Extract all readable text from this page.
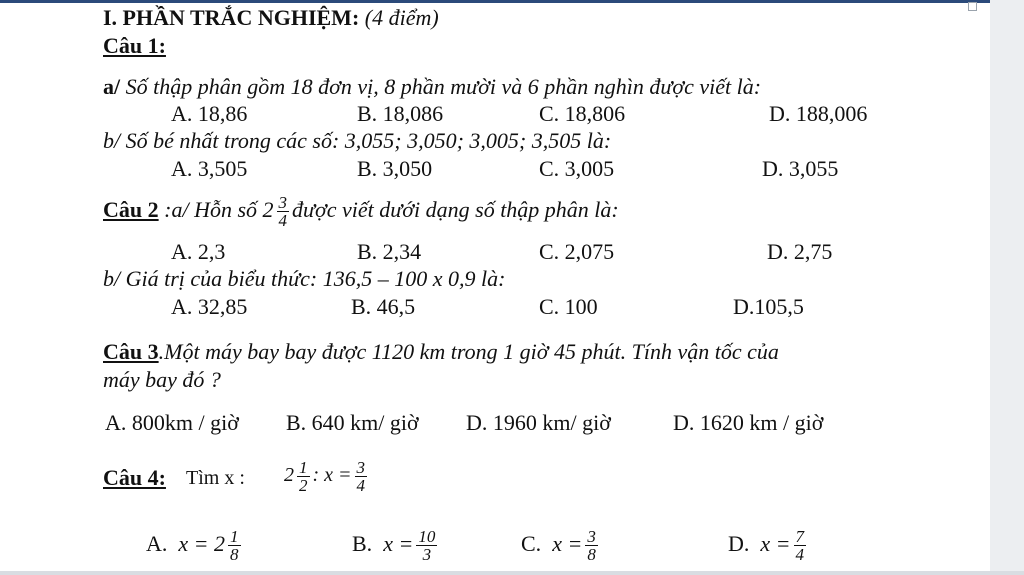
I. PHẦN TRẮC NGHIỆM: (4 điểm)
Câu 1:
a/ Số thập phân gồm 18 đơn vị, 8 phần mười và 6 phần nghìn được viết là:
A. 18,86	B. 18,086	C. 18,806	D. 188,006
b/ Số bé nhất trong các số: 3,055; 3,050; 3,005; 3,505 là:
A. 3,505	B. 3,050	C. 3,005	D. 3,055
Câu 2 :a/ Hỗn số $2 \frac{3}{4}$ được viết dưới dạng số thập phân là:
A. 2,3	B. 2,34	C. 2,075	D. 2,75
b/ Giá trị của biểu thức: 136,5 – 100 x 0,9 là:
A. 32,85	B. 46,5	C. 100	D.105,5
Câu 3.Một máy bay bay được 1120 km trong 1 giờ 45 phút. Tính vận tốc của
máy bay đó ?
A. 800km / giờ B. 640 km/ giờ D. 1960 km/ giờ	D. 1620 km / giờ
Câu 4: Tìm x : $2 \frac{1}{2}$ : $x = \frac{3}{4}$
A. $x = 2 \frac{1}{8}$	B. $x = \frac{10}{3}$	C. $x = \frac{3}{8}$	D. $x = \frac{7}{4}$
